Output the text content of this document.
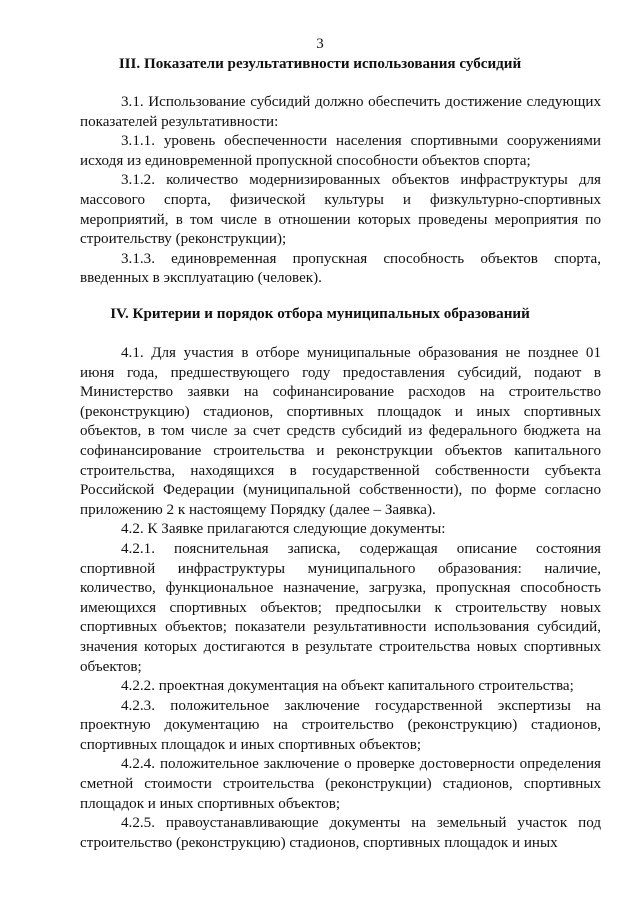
3
III. Показатели результативности использования субсидий

3.1. Использование субсидий должно обеспечить достижение следующих показателей результативности:

3.1.1. уровень обеспеченности населения спортивными сооружениями исходя из единовременной пропускной способности объектов спорта;

3.1.2. количество модернизированных объектов инфраструктуры для массового спорта, физической культуры и физкультурно-спортивных мероприятий, в том числе в отношении которых проведены мероприятия по строительству (реконструкции);

3.1.3. единовременная пропускная способность объектов спорта, введенных в эксплуатацию (человек).

IV. Критерии и порядок отбора муниципальных образований

4.1. Для участия в отборе муниципальные образования не позднее 01 июня года, предшествующего году предоставления субсидий, подают в Министерство заявки на софинансирование расходов на строительство (реконструкцию) стадионов, спортивных площадок и иных спортивных объектов, в том числе за счет средств субсидий из федерального бюджета на софинансирование строительства и реконструкции объектов капитального строительства, находящихся в государственной собственности субъекта Российской Федерации (муниципальной собственности), по форме согласно приложению 2 к настоящему Порядку (далее – Заявка).

4.2. К Заявке прилагаются следующие документы:

4.2.1. пояснительная записка, содержащая описание состояния спортивной инфраструктуры муниципального образования: наличие, количество, функциональное назначение, загрузка, пропускная способность имеющихся спортивных объектов; предпосылки к строительству новых спортивных объектов; показатели результативности использования субсидий, значения которых достигаются в результате строительства новых спортивных объектов;

4.2.2. проектная документация на объект капитального строительства;

4.2.3. положительное заключение государственной экспертизы на проектную документацию на строительство (реконструкцию) стадионов, спортивных площадок и иных спортивных объектов;

4.2.4. положительное заключение о проверке достоверности определения сметной стоимости строительства (реконструкции) стадионов, спортивных площадок и иных спортивных объектов;

4.2.5. правоустанавливающие документы на земельный участок под строительство (реконструкцию) стадионов, спортивных площадок и иных
